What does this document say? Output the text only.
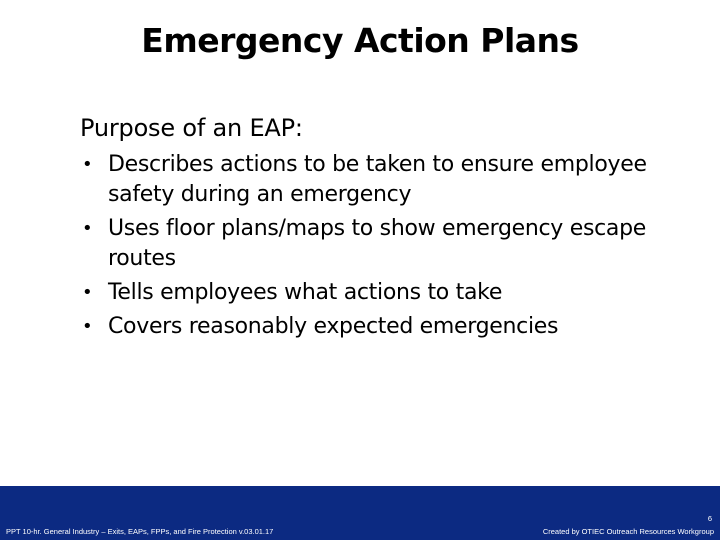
Emergency Action Plans
Purpose of an EAP:
• Describes actions to be taken to ensure employee safety during an emergency
• Uses floor plans/maps to show emergency escape routes
• Tells employees what actions to take
• Covers reasonably expected emergencies
PPT 10-hr. General Industry – Exits, EAPs, FPPs, and Fire Protection v.03.01.17
6
Created by OTIEC Outreach Resources Workgroup
